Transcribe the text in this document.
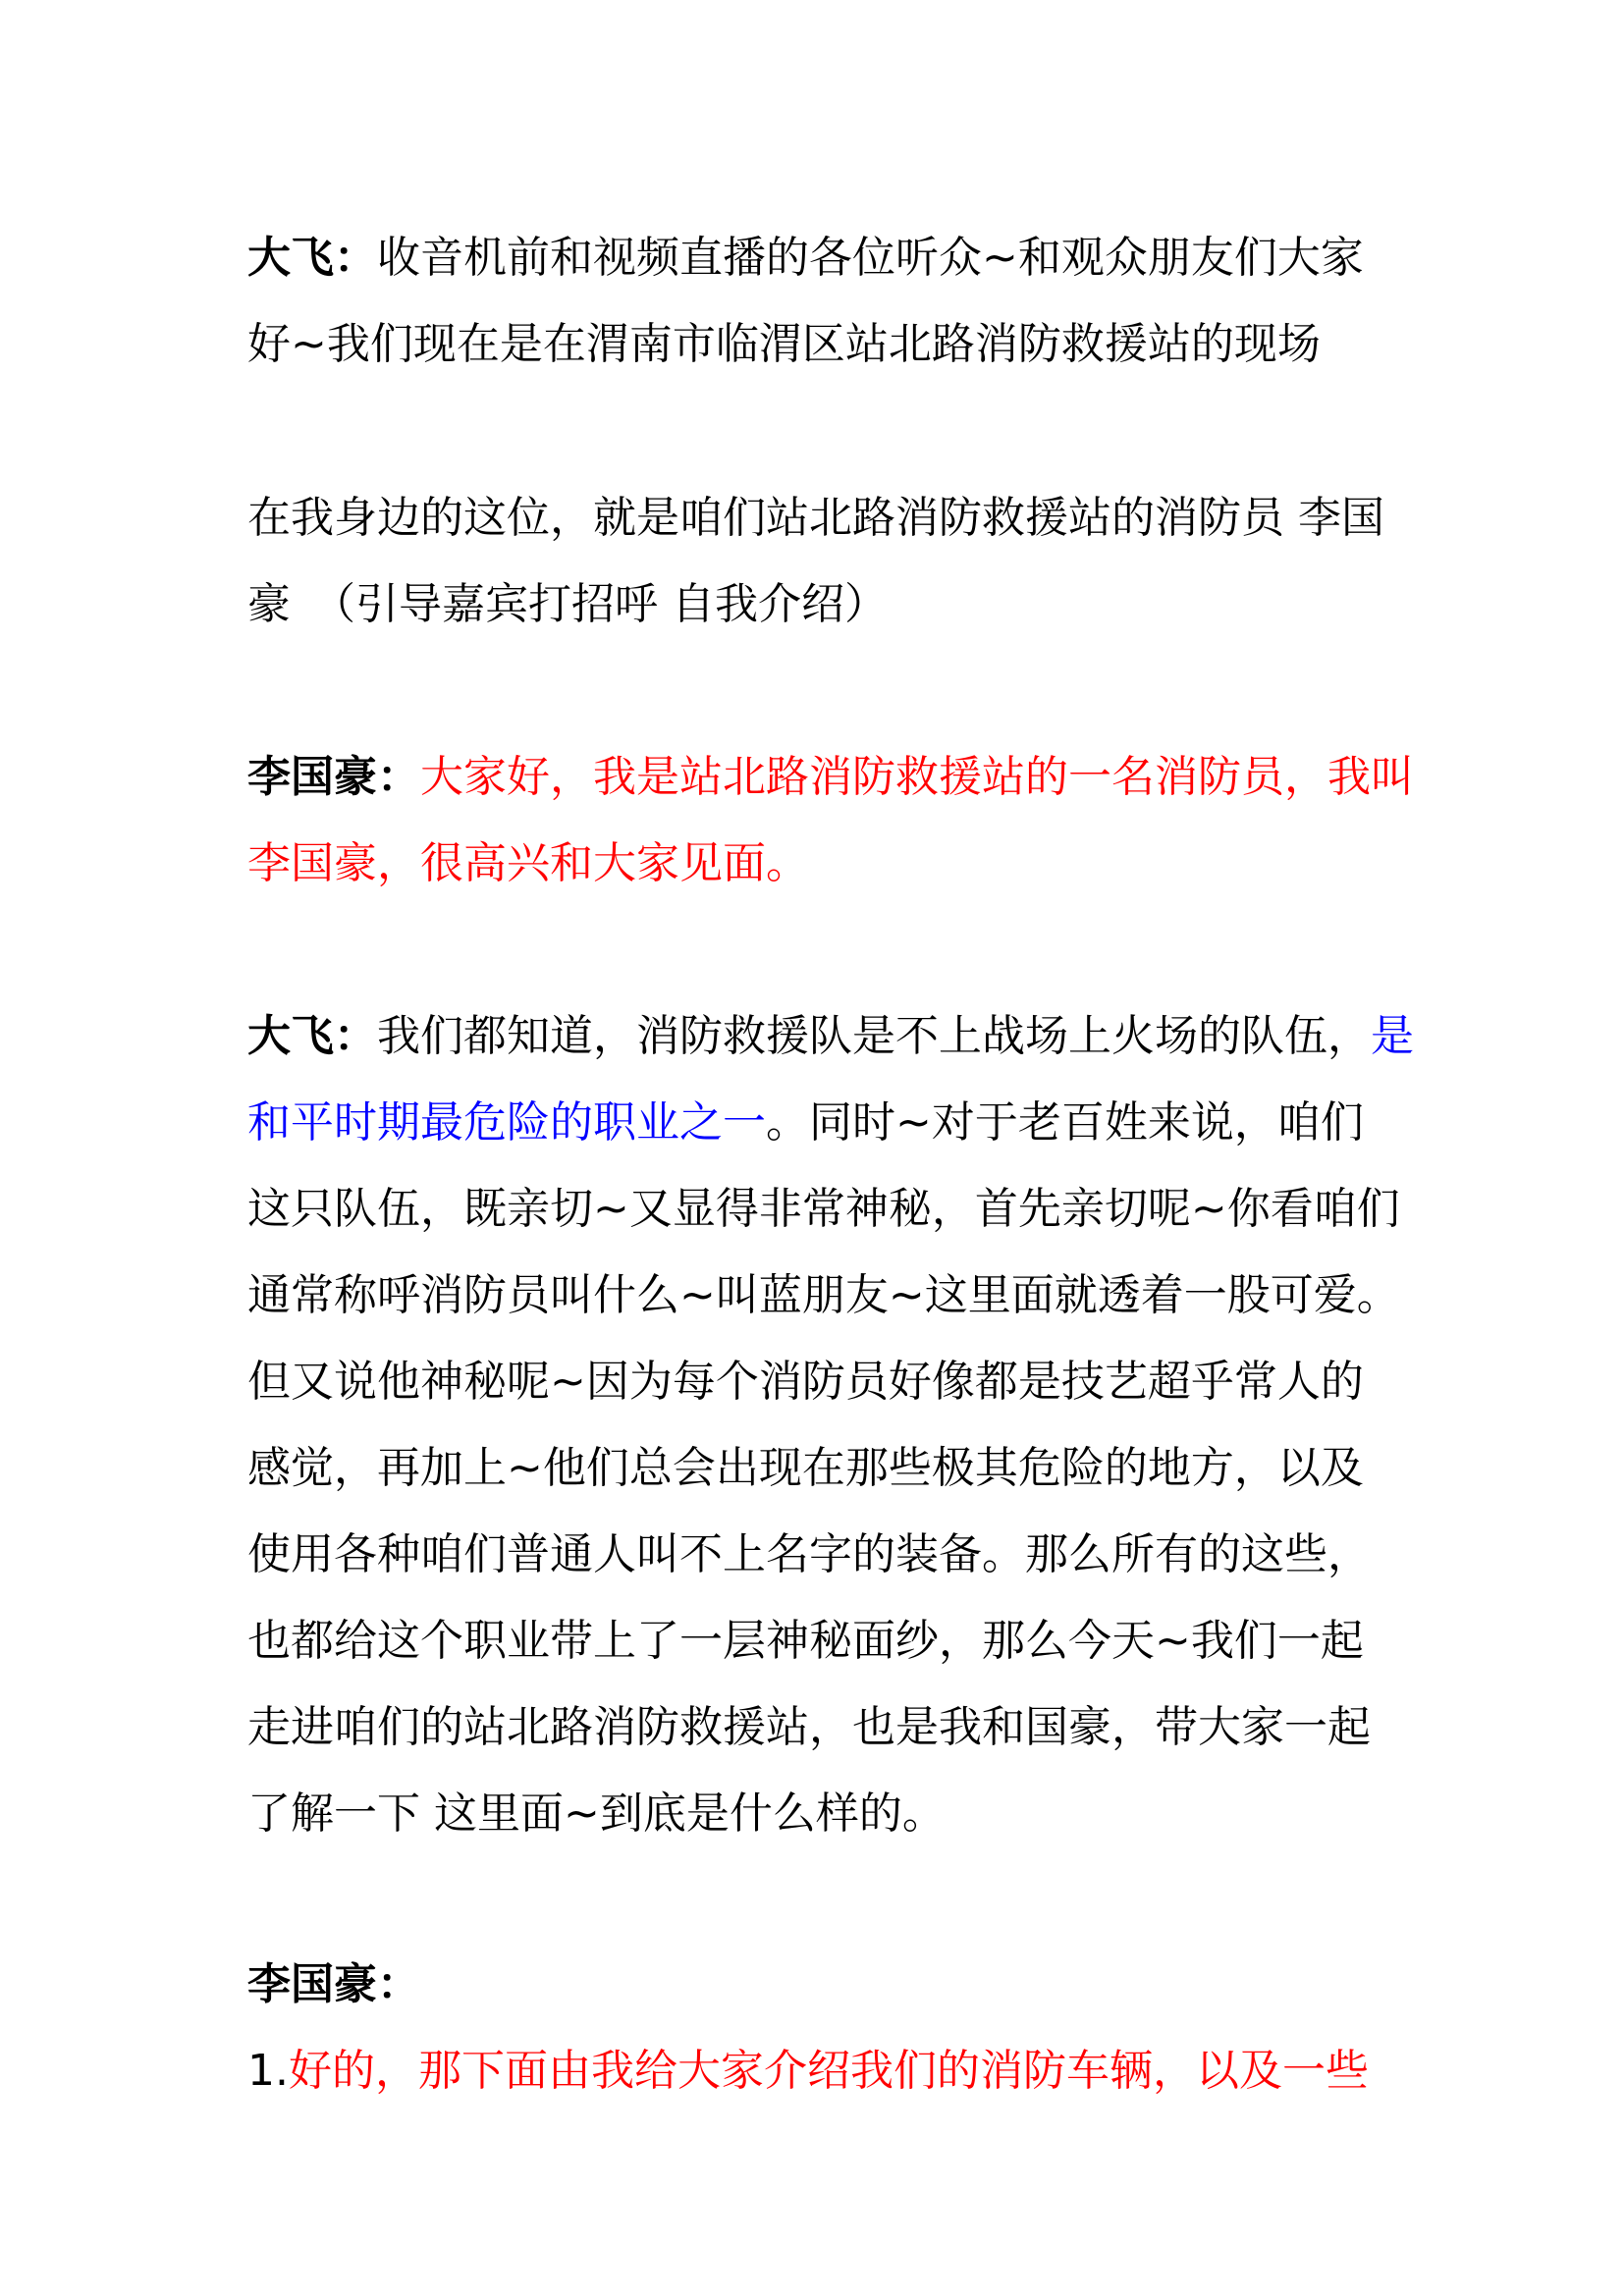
大飞：收音机前和视频直播的各位听众~和观众朋友们大家
好~我们现在是在渭南市临渭区站北路消防救援站的现场
在我身边的这位，就是咱们站北路消防救援站的消防员 李国
豪　（引导嘉宾打招呼 自我介绍）
李国豪：大家好，我是站北路消防救援站的一名消防员，我叫
李国豪，很高兴和大家见面。
大飞：我们都知道，消防救援队是不上战场上火场的队伍，是
和平时期最危险的职业之一。同时~对于老百姓来说，咱们
这只队伍，既亲切~又显得非常神秘，首先亲切呢~你看咱们
通常称呼消防员叫什么~叫蓝朋友~这里面就透着一股可爱。
但又说他神秘呢~因为每个消防员好像都是技艺超乎常人的
感觉，再加上~他们总会出现在那些极其危险的地方，以及
使用各种咱们普通人叫不上名字的装备。那么所有的这些，
也都给这个职业带上了一层神秘面纱，那么今天~我们一起
走进咱们的站北路消防救援站，也是我和国豪，带大家一起
了解一下 这里面~到底是什么样的。
李国豪：
1.好的，那下面由我给大家介绍我们的消防车辆，以及一些
